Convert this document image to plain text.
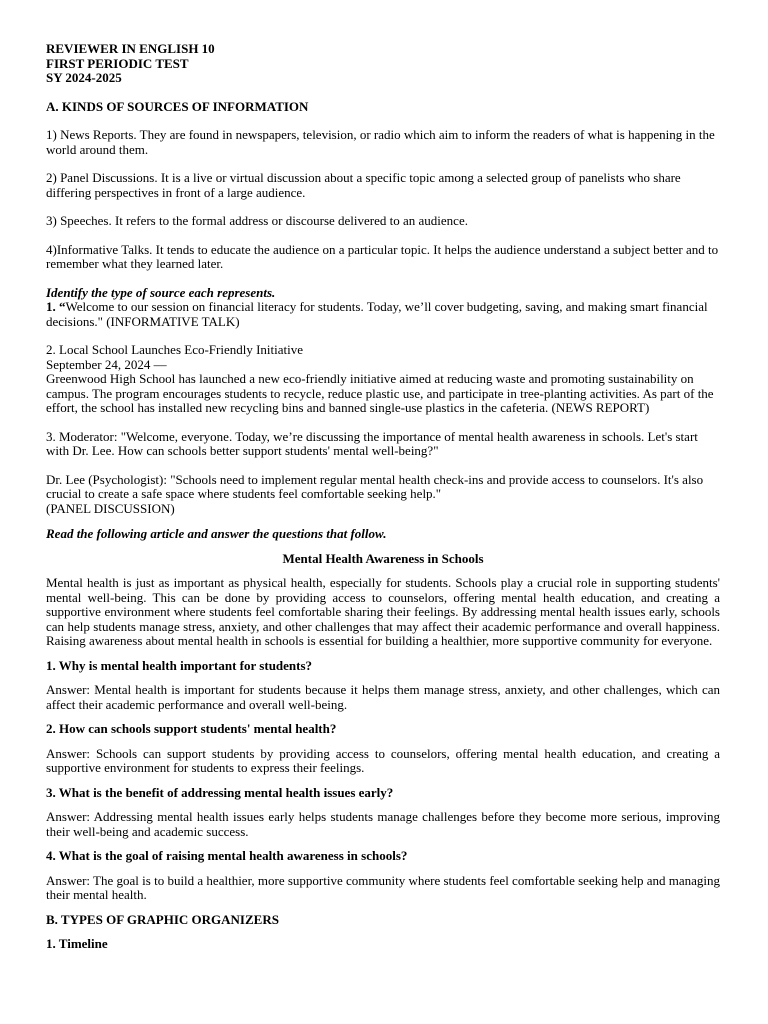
REVIEWER IN ENGLISH 10

FIRST PERIODIC TEST

SY 2024-2025

A. KINDS OF SOURCES OF INFORMATION

1) News Reports. They are found in newspapers, television, or radio which aim to inform the readers of what is happening in the world around them.

2) Panel Discussions. It is a live or virtual discussion about a specific topic among a selected group of panelists who share differing perspectives in front of a large audience.

3) Speeches. It refers to the formal address or discourse delivered to an audience.

4)Informative Talks. It tends to educate the audience on a particular topic. It helps the audience understand a subject better and to remember what they learned later.

Identify the type of source each represents.

1. “Welcome to our session on financial literacy for students. Today, we’ll cover budgeting, saving, and making smart financial decisions." (INFORMATIVE TALK)

2. Local School Launches Eco-Friendly Initiative

September 24, 2024 —

Greenwood High School has launched a new eco-friendly initiative aimed at reducing waste and promoting sustainability on campus. The program encourages students to recycle, reduce plastic use, and participate in tree-planting activities. As part of the effort, the school has installed new recycling bins and banned single-use plastics in the cafeteria. (NEWS REPORT)

3. Moderator: "Welcome, everyone. Today, we’re discussing the importance of mental health awareness in schools. Let's start with Dr. Lee. How can schools better support students' mental well-being?"

Dr. Lee (Psychologist): "Schools need to implement regular mental health check-ins and provide access to counselors. It's also crucial to create a safe space where students feel comfortable seeking help."

(PANEL DISCUSSION)

Read the following article and answer the questions that follow.

Mental Health Awareness in Schools

Mental health is just as important as physical health, especially for students. Schools play a crucial role in supporting students' mental well-being. This can be done by providing access to counselors, offering mental health education, and creating a supportive environment where students feel comfortable sharing their feelings. By addressing mental health issues early, schools can help students manage stress, anxiety, and other challenges that may affect their academic performance and overall happiness. Raising awareness about mental health in schools is essential for building a healthier, more supportive community for everyone.

1. Why is mental health important for students?

Answer: Mental health is important for students because it helps them manage stress, anxiety, and other challenges, which can affect their academic performance and overall well-being.

2. How can schools support students' mental health?

Answer: Schools can support students by providing access to counselors, offering mental health education, and creating a supportive environment for students to express their feelings.

3. What is the benefit of addressing mental health issues early?

Answer: Addressing mental health issues early helps students manage challenges before they become more serious, improving their well-being and academic success.

4. What is the goal of raising mental health awareness in schools?

Answer: The goal is to build a healthier, more supportive community where students feel comfortable seeking help and managing their mental health.

B. TYPES OF GRAPHIC ORGANIZERS

1. Timeline
